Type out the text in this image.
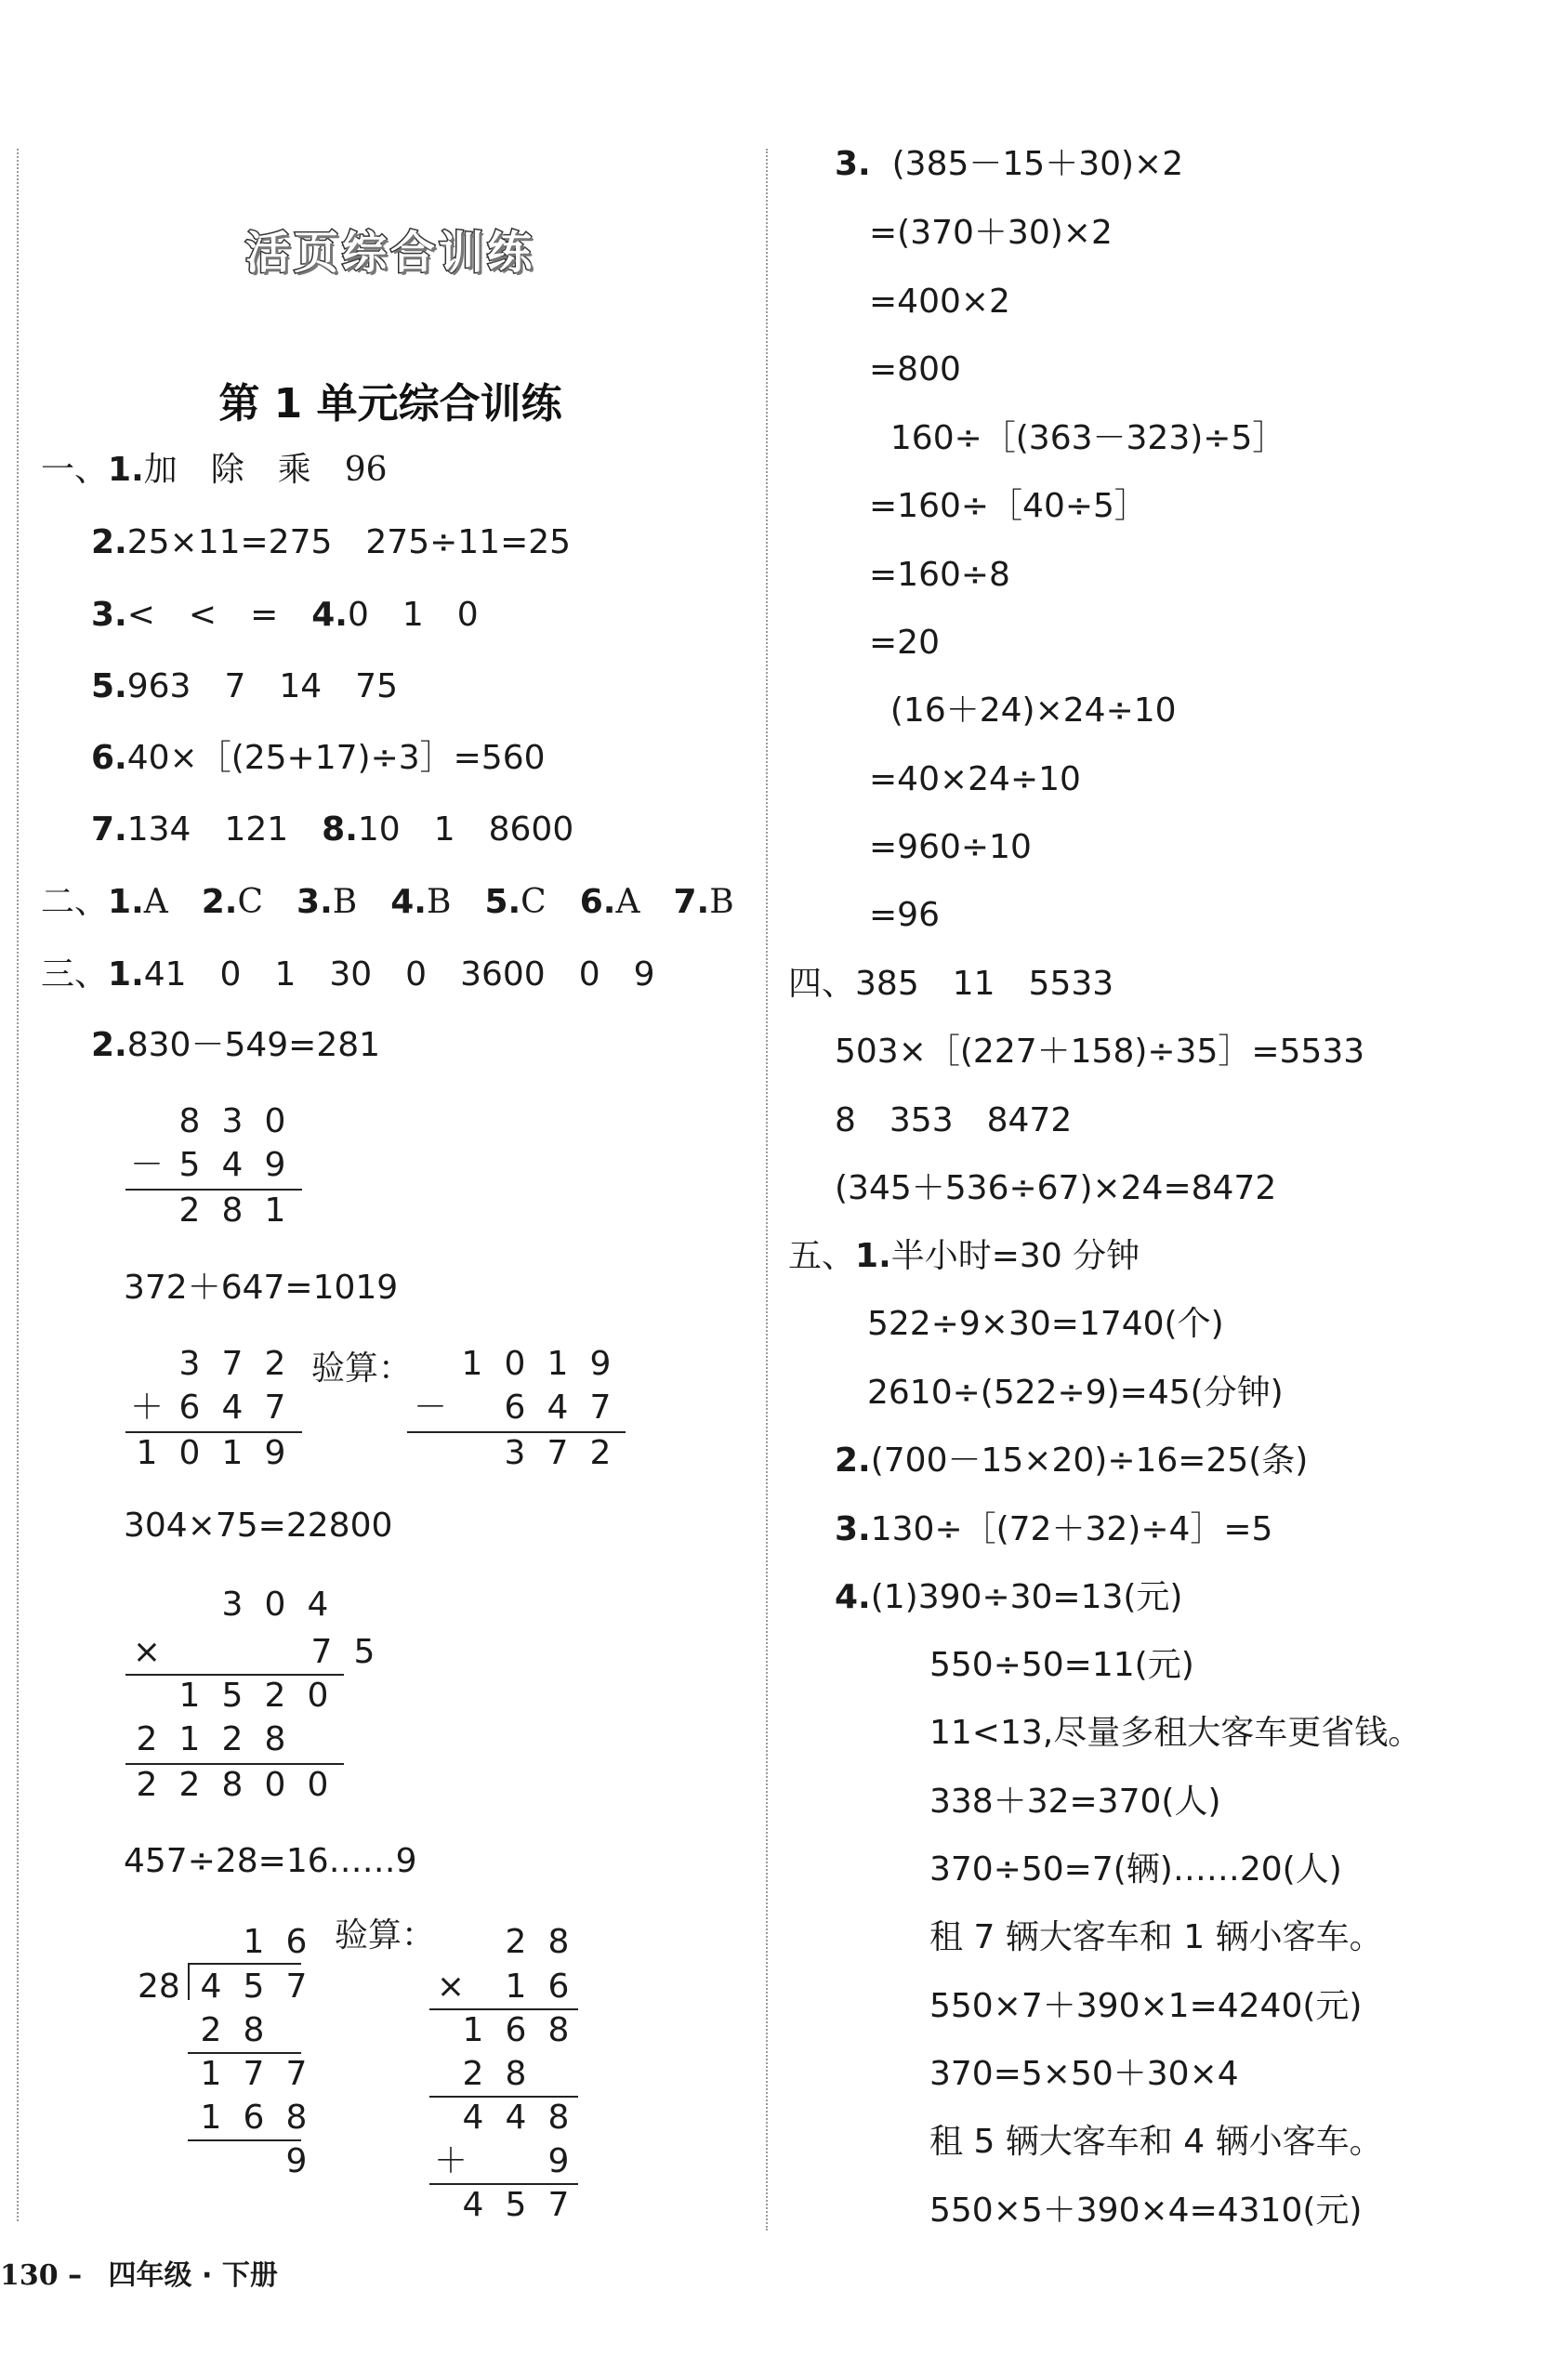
活页综合训练
第 1 单元综合训练
一、1.加　除　乘　96
2.25×11=275　275÷11=25
3.<　<　=　4.0　1　0
5.963　7　14　75
6.40×［(25+17)÷3］=560
7.134　121　8.10　1　8600
二、1.A　2.C　3.B　4.B　5.C　6.A　7.B
三、1.41　0　1　30　0　3600　0　9
2.830－549=281
8 3 0
－ 5 4 9
2 8 1
372＋647=1019
3 7 2
＋ 6 4 7
1 0 1 9
验算：	1 0 1 9
－	6 4 7
3 7 2
304×75=22800
3 0 4
×	7 5
1 5 2 0
2 1 2 8
2 2 8 0 0
457÷28=16……9
1 6
28 4 5 7
2 8
1 7 7
1 6 8
9
验算：	2 8
×	1 6
1 6 8
2 8
4 4 8
＋	9
4 5 7
3.  (385－15＋30)×2
=(370＋30)×2
=400×2
=800
160÷［(363－323)÷5］
=160÷［40÷5］
=160÷8
=20
(16＋24)×24÷10
=40×24÷10
=960÷10
=96
四、385　11　5533
503×［(227＋158)÷35］=5533
8　353　8472
(345＋536÷67)×24=8472
五、1.半小时=30 分钟
522÷9×30=1740(个)
2610÷(522÷9)=45(分钟)
2.(700－15×20)÷16=25(条)
3.130÷［(72＋32)÷4］=5
4.(1)390÷30=13(元)
550÷50=11(元)
11<13,尽量多租大客车更省钱。
338＋32=370(人)
370÷50=7(辆)……20(人)
租 7 辆大客车和 1 辆小客车。
550×7＋390×1=4240(元)
370=5×50＋30×4
租 5 辆大客车和 4 辆小客车。
550×5＋390×4=4310(元)
130 – 四年级 · 下册
